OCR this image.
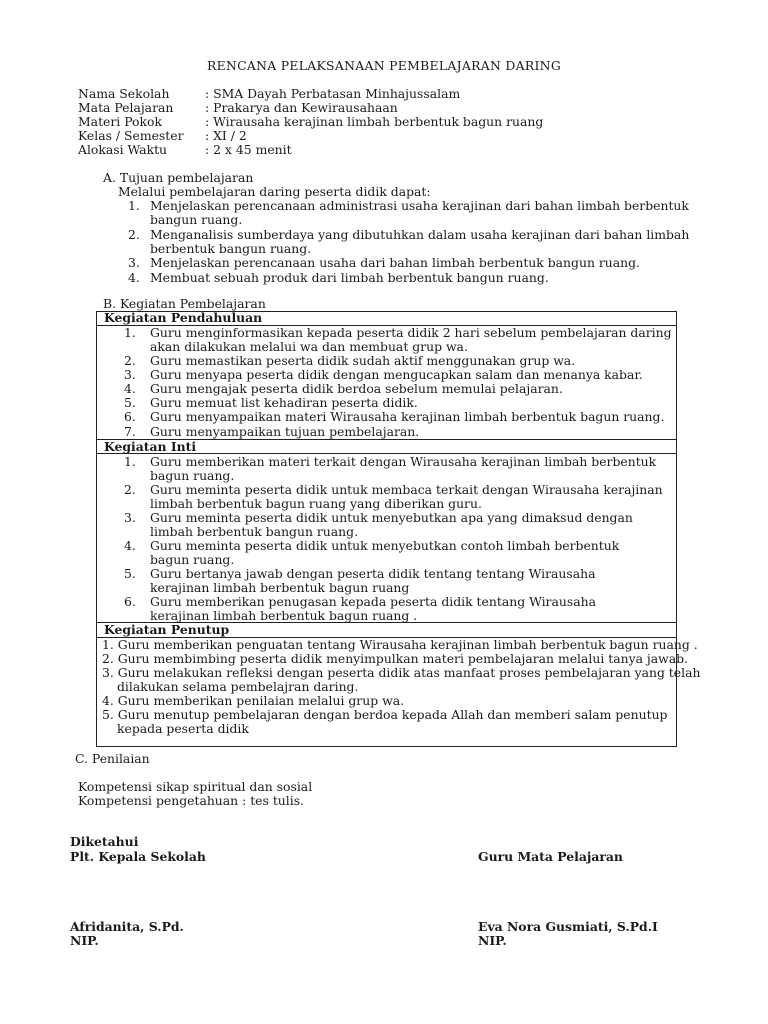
RENCANA PELAKSANAAN PEMBELAJARAN DARING
Nama Sekolah	: SMA Dayah Perbatasan Minhajussalam
Mata Pelajaran	: Prakarya dan Kewirausahaan
Materi Pokok	: Wirausaha kerajinan limbah berbentuk bagun ruang
Kelas / Semester : XI / 2
Alokasi Waktu	: 2 x 45 menit
A. Tujuan pembelajaran
Melalui pembelajaran daring peserta didik dapat:
1. Menjelaskan perencanaan administrasi usaha kerajinan dari bahan limbah berbentuk
bangun ruang.
2. Menganalisis sumberdaya yang dibutuhkan dalam usaha kerajinan dari bahan limbah
berbentuk bangun ruang.
3. Menjelaskan perencanaan usaha dari bahan limbah berbentuk bangun ruang.
4. Membuat sebuah produk dari limbah berbentuk bangun ruang.
B. Kegiatan Pembelajaran
Kegiatan Pendahuluan
1. Guru menginformasikan kepada peserta didik 2 hari sebelum pembelajaran daring
akan dilakukan melalui wa dan membuat grup wa.
2. Guru memastikan peserta didik sudah aktif menggunakan grup wa.
3. Guru menyapa peserta didik dengan mengucapkan salam dan menanya kabar.
4. Guru mengajak peserta didik berdoa sebelum memulai pelajaran.
5. Guru memuat list kehadiran peserta didik.
6. Guru menyampaikan materi Wirausaha kerajinan limbah berbentuk bagun ruang.
7. Guru menyampaikan tujuan pembelajaran.
Kegiatan Inti
1. Guru memberikan materi terkait dengan Wirausaha kerajinan limbah berbentuk
bagun ruang.
2. Guru meminta peserta didik untuk membaca terkait dengan Wirausaha kerajinan
limbah berbentuk bagun ruang yang diberikan guru.
3. Guru meminta peserta didik untuk menyebutkan apa yang dimaksud dengan
limbah berbentuk bangun ruang.
4. Guru meminta peserta didik untuk menyebutkan contoh limbah berbentuk
bagun ruang.
5. Guru bertanya jawab dengan peserta didik tentang tentang Wirausaha
kerajinan limbah berbentuk bagun ruang
6. Guru memberikan penugasan kepada peserta didik tentang Wirausaha
kerajinan limbah berbentuk bagun ruang .
Kegiatan Penutup
1. Guru memberikan penguatan tentang Wirausaha kerajinan limbah berbentuk bagun ruang .
2. Guru membimbing peserta didik menyimpulkan materi pembelajaran melalui tanya jawab.
3. Guru melakukan refleksi dengan peserta didik atas manfaat proses pembelajaran yang telah
dilakukan selama pembelajran daring.
4. Guru memberikan penilaian melalui grup wa.
5. Guru menutup pembelajaran dengan berdoa kepada Allah dan memberi salam penutup
kepada peserta didik
C. Penilaian
Kompetensi sikap spiritual dan sosial
Kompetensi pengetahuan : tes tulis.
Diketahui
Plt. Kepala Sekolah	Guru Mata Pelajaran
Afridanita, S.Pd.
NIP.
Eva Nora Gusmiati, S.Pd.I
NIP.
